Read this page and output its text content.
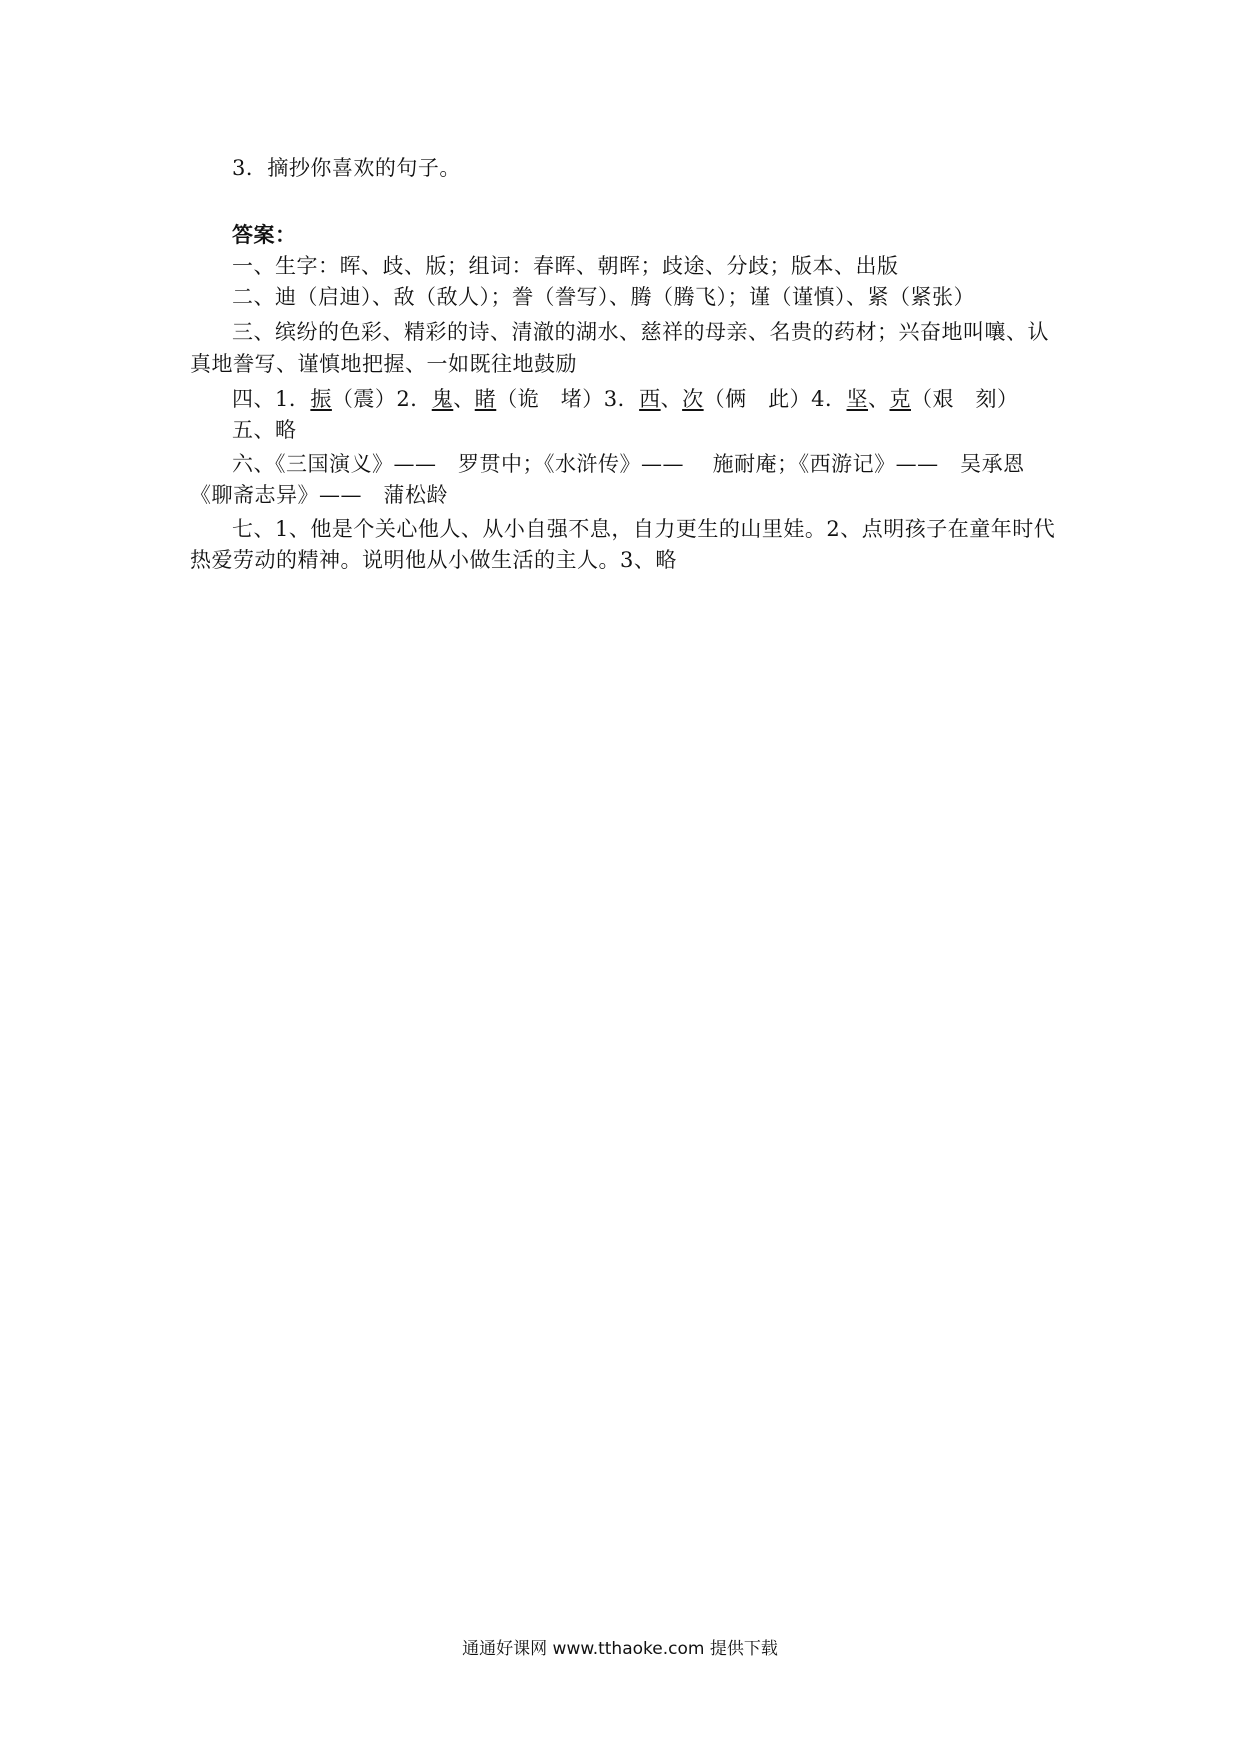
3．摘抄你喜欢的句子。
答案：
一、生字：晖、歧、版；组词：春晖、朝晖；歧途、分歧；版本、出版
二、迪（启迪）、敌（敌人）；誊（誊写）、腾（腾飞）；谨（谨慎）、紧（紧张）
三、缤纷的色彩、精彩的诗、清澈的湖水、慈祥的母亲、名贵的药材；兴奋地叫嚷、认
真地誊写、谨慎地把握、一如既往地鼓励
四、1．振（震）2．鬼、睹（诡　堵）3．西、次（俩　此）4．坚、克（艰　刻）
五、略
六、《三国演义》——　罗贯中；《水浒传》——　 施耐庵；《西游记》——　吴承恩
《聊斋志异》——　蒲松龄
七、1、他是个关心他人、从小自强不息，自力更生的山里娃。2、点明孩子在童年时代
热爱劳动的精神。说明他从小做生活的主人。3、略
通通好课网 www.tthaoke.com 提供下载
